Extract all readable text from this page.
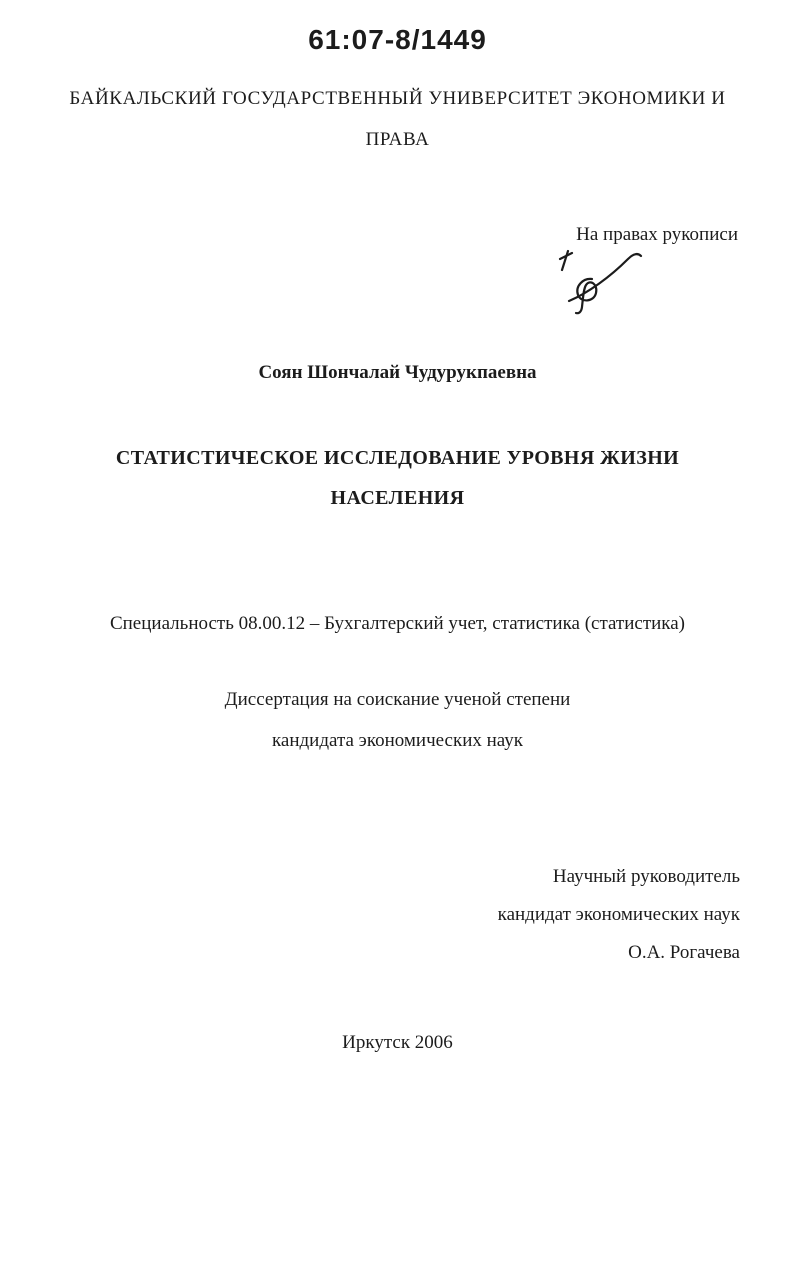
61:07-8/1449
БАЙКАЛЬСКИЙ ГОСУДАРСТВЕННЫЙ УНИВЕРСИТЕТ ЭКОНОМИКИ И
ПРАВА
На правах рукописи
Соян Шончалай Чудурукпаевна
СТАТИСТИЧЕСКОЕ ИССЛЕДОВАНИЕ УРОВНЯ ЖИЗНИ
НАСЕЛЕНИЯ
Специальность 08.00.12 – Бухгалтерский учет, статистика (статистика)
Диссертация на соискание ученой степени
кандидата экономических наук
Научный руководитель
кандидат экономических наук
О.А. Рогачева
Иркутск 2006
